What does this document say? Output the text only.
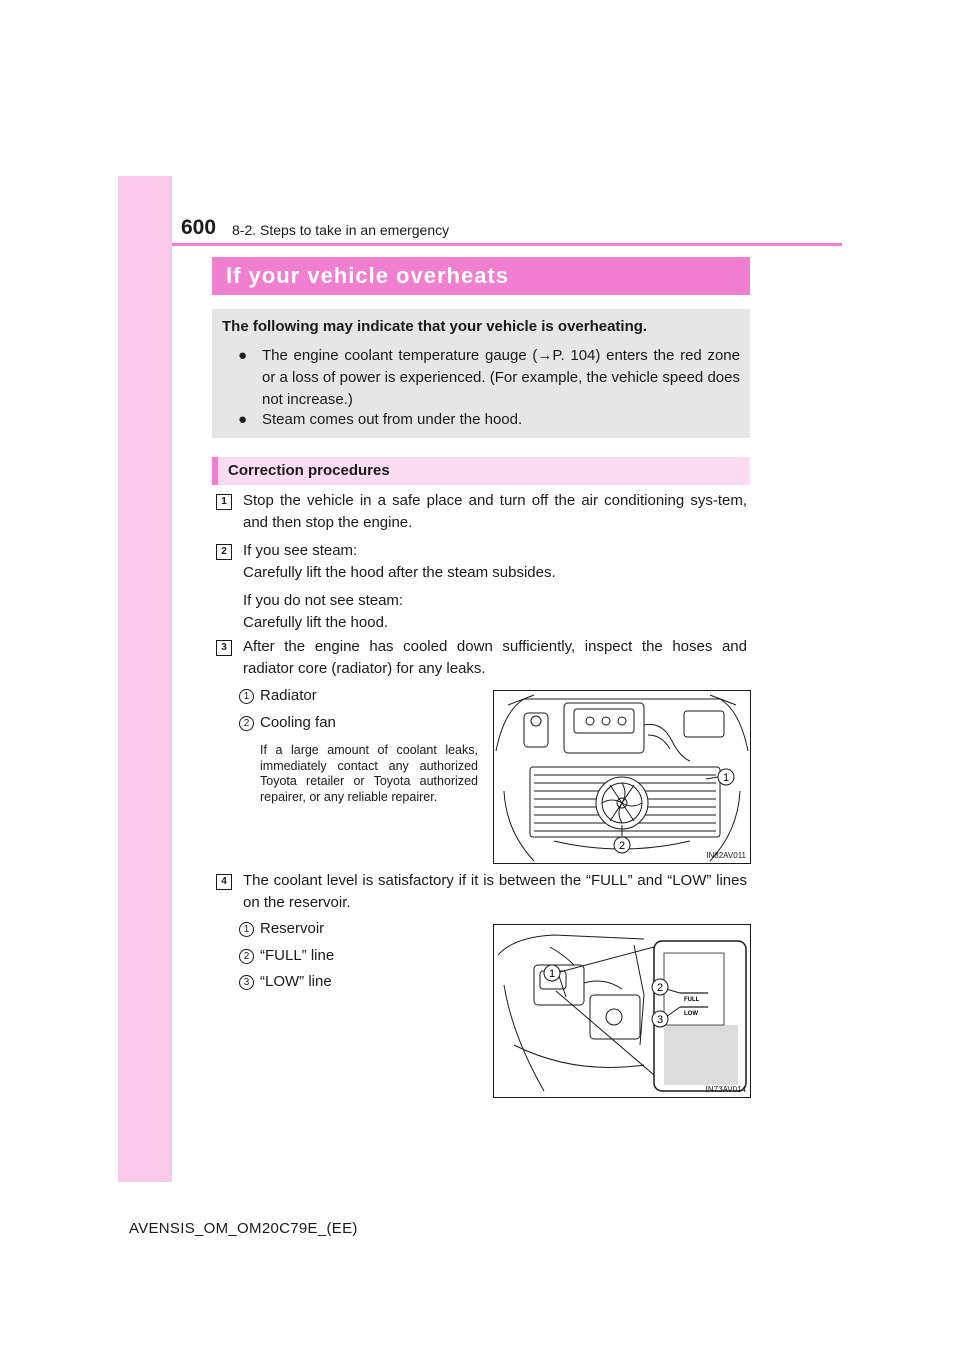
600 8-2. Steps to take in an emergency
If your vehicle overheats
The following may indicate that your vehicle is overheating.
● The engine coolant temperature gauge (→P. 104) enters the red zone or a loss of power is experienced. (For example, the vehicle speed does not increase.)
● Steam comes out from under the hood.
Correction procedures
1	Stop the vehicle in a safe place and turn off the air conditioning sys-tem, and then stop the engine.
2	If you see steam:
Carefully lift the hood after the steam subsides.
If you do not see steam:
Carefully lift the hood.
3	After the engine has cooled down sufficiently, inspect the hoses and radiator core (radiator) for any leaks.
1 Radiator
2 Cooling fan
If a large amount of coolant leaks, immediately contact any authorized Toyota retailer or Toyota authorized repairer, or any reliable repairer.
1
2
IN82AV011
4	The coolant level is satisfactory if it is between the “FULL” and “LOW” lines on the reservoir.
1 Reservoir
2 “FULL” line
3 “LOW” line
FULL
LOW
1
2
3
IN73AV014
AVENSIS_OM_OM20C79E_(EE)
